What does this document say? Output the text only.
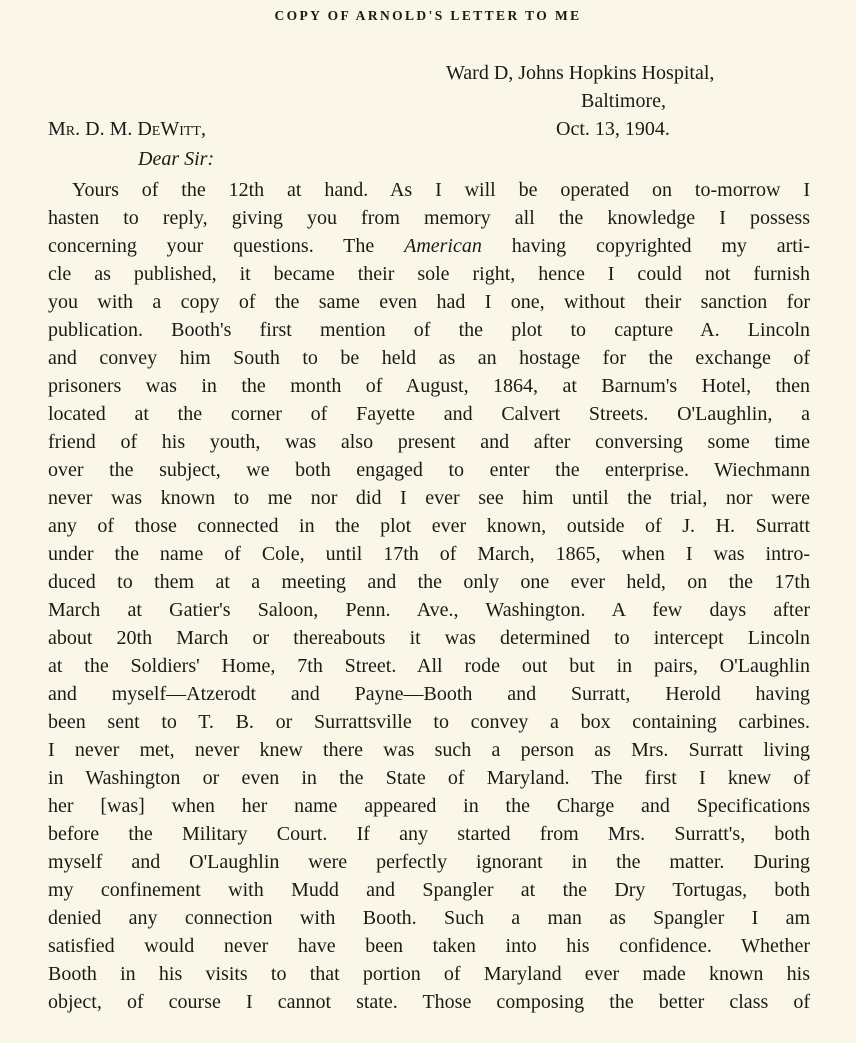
COPY OF ARNOLD'S LETTER TO ME
Ward D, Johns Hopkins Hospital,
Baltimore,
Mr. D. M. DeWitt,	Oct. 13, 1904.
Dear Sir:
Yours of the 12th at hand. As I will be operated on to-morrow I
hasten to reply, giving you from memory all the knowledge I possess
concerning your questions. The American having copyrighted my arti-
cle as published, it became their sole right, hence I could not furnish
you with a copy of the same even had I one, without their sanction for
publication. Booth's first mention of the plot to capture A. Lincoln
and convey him South to be held as an hostage for the exchange of
prisoners was in the month of August, 1864, at Barnum's Hotel, then
located at the corner of Fayette and Calvert Streets. O'Laughlin, a
friend of his youth, was also present and after conversing some time
over the subject, we both engaged to enter the enterprise. Wiechmann
never was known to me nor did I ever see him until the trial, nor were
any of those connected in the plot ever known, outside of J. H. Surratt
under the name of Cole, until 17th of March, 1865, when I was intro-
duced to them at a meeting and the only one ever held, on the 17th
March at Gatier's Saloon, Penn. Ave., Washington. A few days after
about 20th March or thereabouts it was determined to intercept Lincoln
at the Soldiers' Home, 7th Street. All rode out but in pairs, O'Laughlin
and myself—Atzerodt and Payne—Booth and Surratt, Herold having
been sent to T. B. or Surrattsville to convey a box containing carbines.
I never met, never knew there was such a person as Mrs. Surratt living
in Washington or even in the State of Maryland. The first I knew of
her [was] when her name appeared in the Charge and Specifications
before the Military Court. If any started from Mrs. Surratt's, both
myself and O'Laughlin were perfectly ignorant in the matter. During
my confinement with Mudd and Spangler at the Dry Tortugas, both
denied any connection with Booth. Such a man as Spangler I am
satisfied would never have been taken into his confidence. Whether
Booth in his visits to that portion of Maryland ever made known his
object, of course I cannot state. Those composing the better class of
